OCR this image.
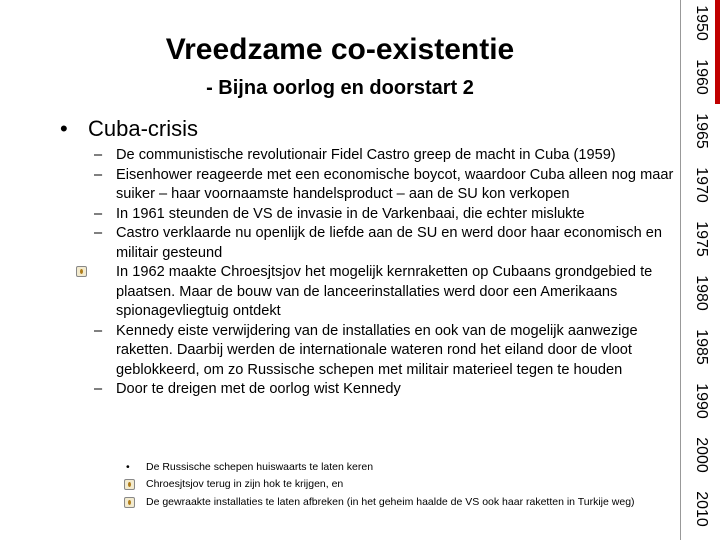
Vreedzame co-existentie
- Bijna oorlog en doorstart 2
• Cuba-crisis
– De communistische revolutionair Fidel Castro greep de macht in Cuba (1959)
– Eisenhower reageerde met een economische boycot, waardoor Cuba alleen nog maar suiker – haar voornaamste handelsproduct – aan de SU kon verkopen
– In 1961 steunden de VS de invasie in de Varkenbaai, die echter mislukte
– Castro verklaarde nu openlijk de liefde aan de SU en werd door haar economisch en militair gesteund
In 1962 maakte Chroesjtsjov het mogelijk kernraketten op Cubaans grondgebied te plaatsen. Maar de bouw van de lanceerinstallaties werd door een Amerikaans spionagevliegtuig ontdekt
– Kennedy eiste verwijdering van de installaties en ook van de mogelijk aanwezige raketten. Daarbij werden de internationale wateren rond het eiland door de vloot geblokkeerd, om zo Russische schepen met militair materieel tegen te houden
– Door te dreigen met de oorlog wist Kennedy
• De Russische schepen huiswaarts te laten keren
Chroesjtsjov terug in zijn hok te krijgen, en
De gewraakte installaties te laten afbreken (in het geheim haalde de VS ook haar raketten in Turkije weg)
1950
1960
1965
1970
1975
1980
1985
1990
2000
2010
